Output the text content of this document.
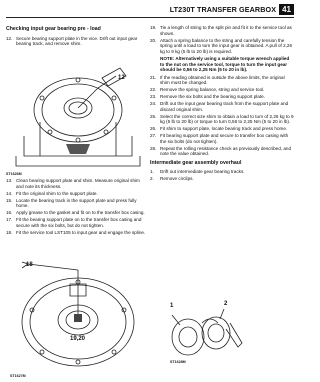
LT230T TRANSFER GEARBOX 41
Checking input gear bearing pre - load
12. Secure bearing support plate in the vice. Drift out input gear bearing track, and remove shim.
12
ST1626M
13. Clean bearing support plate and shim. Measure original shim and note its thickness.
14. Fit the original shim to the support plate.
15. Locate the bearing track in the support plate and press fully home.
16. Apply grease to the gasket and fit on to the transfer box casing.
17. Fit the bearing support plate on to the transfer box casing and secure with the six bolts, but do not tighten.
18. Fit the service tool LST105 to input gear and engage the spline.
18
19,20
ST1627M
19. Tie a length of string to the split pin and fit it to the service tool as shown.
20. Attach a spring balance to the string and carefully tension the spring until a load to turn the input gear is obtained. A pull of 2,26 kg to 9 kg (5 lb to 20 lb) is required.
NOTE: Alternatively using a suitable torque wrench applied to the nut on the service tool, torque to turn the input gear should be 0,56 to 2,25 Nm (5 to 20 in lb).
21. If the reading obtained is outside the above limits, the original shim must be changed.
22. Remove the spring balance, string and service tool.
23. Remove the six bolts and the bearing support plate.
24. Drift out the input gear bearing track from the support plate and discard original shim.
25. Select the correct size shim to obtain a load to turn of 2,26 kg to 9 kg (5 lb to 20 lb) or torque to turn 0,56 to 2,25 Nm (5 to 20 in lb).
26. Fit shim to support plate, locate bearing track and press home.
27. Fit bearing support plate and secure to transfer box casing with the six bolts (do not tighten).
28. Repeat the rolling resistance check as previously described, and note the value obtained.
Intermediate gear assembly overhaul
1.	Drift out intermediate gear bearing tracks.
2.	Remove circlips.
1	2
ST1628M
